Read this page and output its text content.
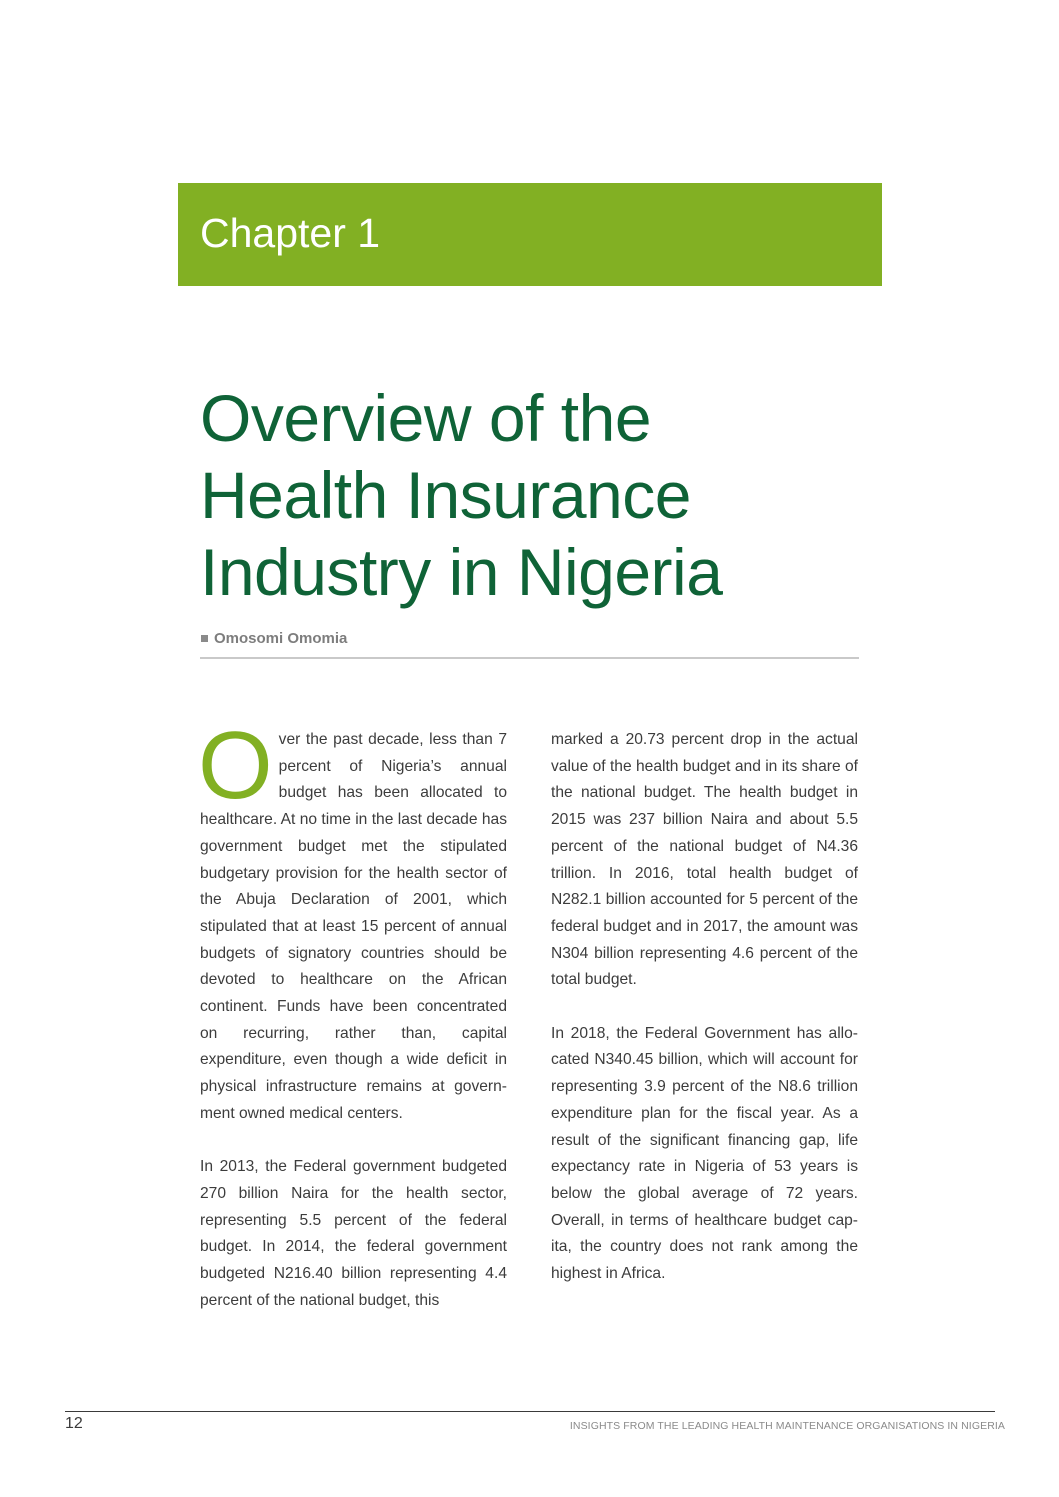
Chapter 1
Overview of the
Health Insurance
Industry in Nigeria
Omosomi Omomia

Over the past decade, less than 7 percent of Nigeria’s annual budget has been allocated to healthcare. At no time in the last decade has government budget met the stipulated budgetary provision for the health sector of the Abuja Declaration of 2001, which stipulated that at least 15 percent of annual budgets of signatory countries should be devoted to healthcare on the African continent. Funds have been concentrated on recurring, rather than, capital expenditure, even though a wide deficit in physical infrastructure remains at government owned medical centers.

In 2013, the Federal government budgeted 270 billion Naira for the health sector, representing 5.5 percent of the federal budget. In 2014, the federal government budgeted N216.40 billion representing 4.4 percent of the national budget, this

marked a 20.73 percent drop in the actual value of the health budget and in its share of the national budget. The health budget in 2015 was 237 billion Naira and about 5.5 percent of the national budget of N4.36 trillion. In 2016, total health budget of N282.1 billion accounted for 5 percent of the federal budget and in 2017, the amount was N304 billion representing 4.6 percent of the total budget.

In 2018, the Federal Government has allocated N340.45 billion, which will account for representing 3.9 percent of the N8.6 trillion expenditure plan for the fiscal year. As a result of the significant financing gap, life expectancy rate in Nigeria of 53 years is below the global average of 72 years. Overall, in terms of healthcare budget capita, the country does not rank among the highest in Africa.

12	INSIGHTS FROM THE LEADING HEALTH MAINTENANCE ORGANISATIONS IN NIGERIA
